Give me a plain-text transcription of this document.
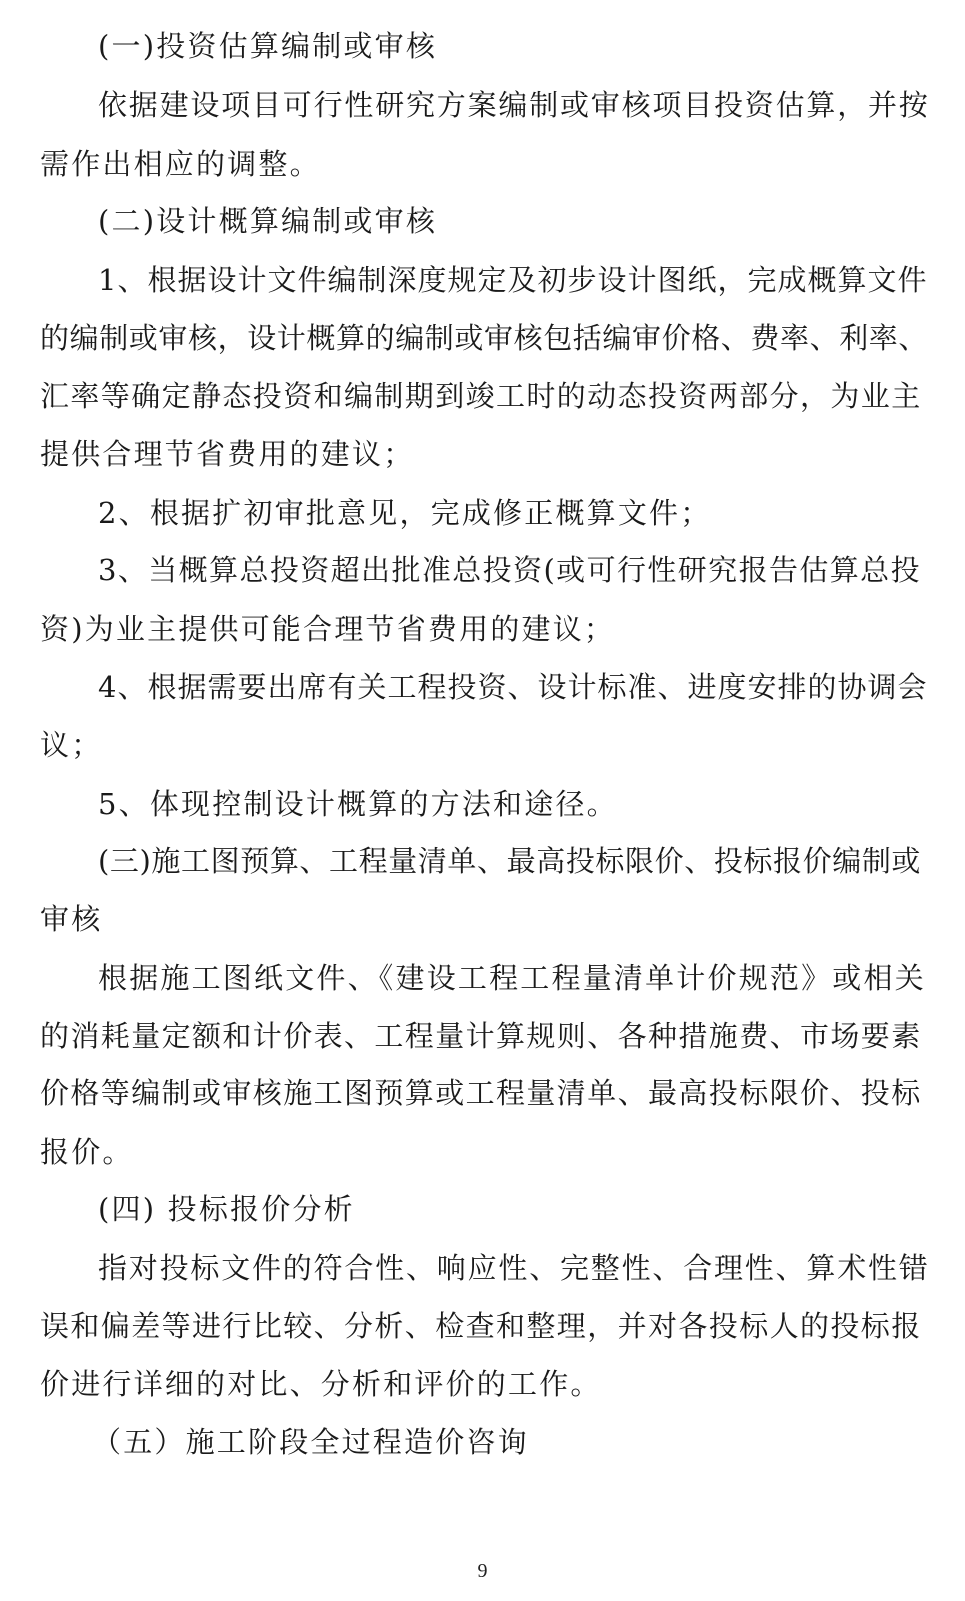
(一)投资估算编制或审核
依据建设项目可行性研究方案编制或审核项目投资估算，并按
需作出相应的调整。
(二)设计概算编制或审核
1、根据设计文件编制深度规定及初步设计图纸，完成概算文件
的编制或审核，设计概算的编制或审核包括编审价格、费率、利率、
汇率等确定静态投资和编制期到竣工时的动态投资两部分，为业主
提供合理节省费用的建议；
2、根据扩初审批意见，完成修正概算文件；
3、当概算总投资超出批准总投资(或可行性研究报告估算总投
资)为业主提供可能合理节省费用的建议；
4、根据需要出席有关工程投资、设计标准、进度安排的协调会
议；
5、体现控制设计概算的方法和途径。
(三)施工图预算、工程量清单、最高投标限价、投标报价编制或
审核
根据施工图纸文件、《建设工程工程量清单计价规范》或相关
的消耗量定额和计价表、工程量计算规则、各种措施费、市场要素
价格等编制或审核施工图预算或工程量清单、最高投标限价、投标
报价。
(四) 投标报价分析
指对投标文件的符合性、响应性、完整性、合理性、算术性错
误和偏差等进行比较、分析、检查和整理，并对各投标人的投标报
价进行详细的对比、分析和评价的工作。
（五）施工阶段全过程造价咨询
9
